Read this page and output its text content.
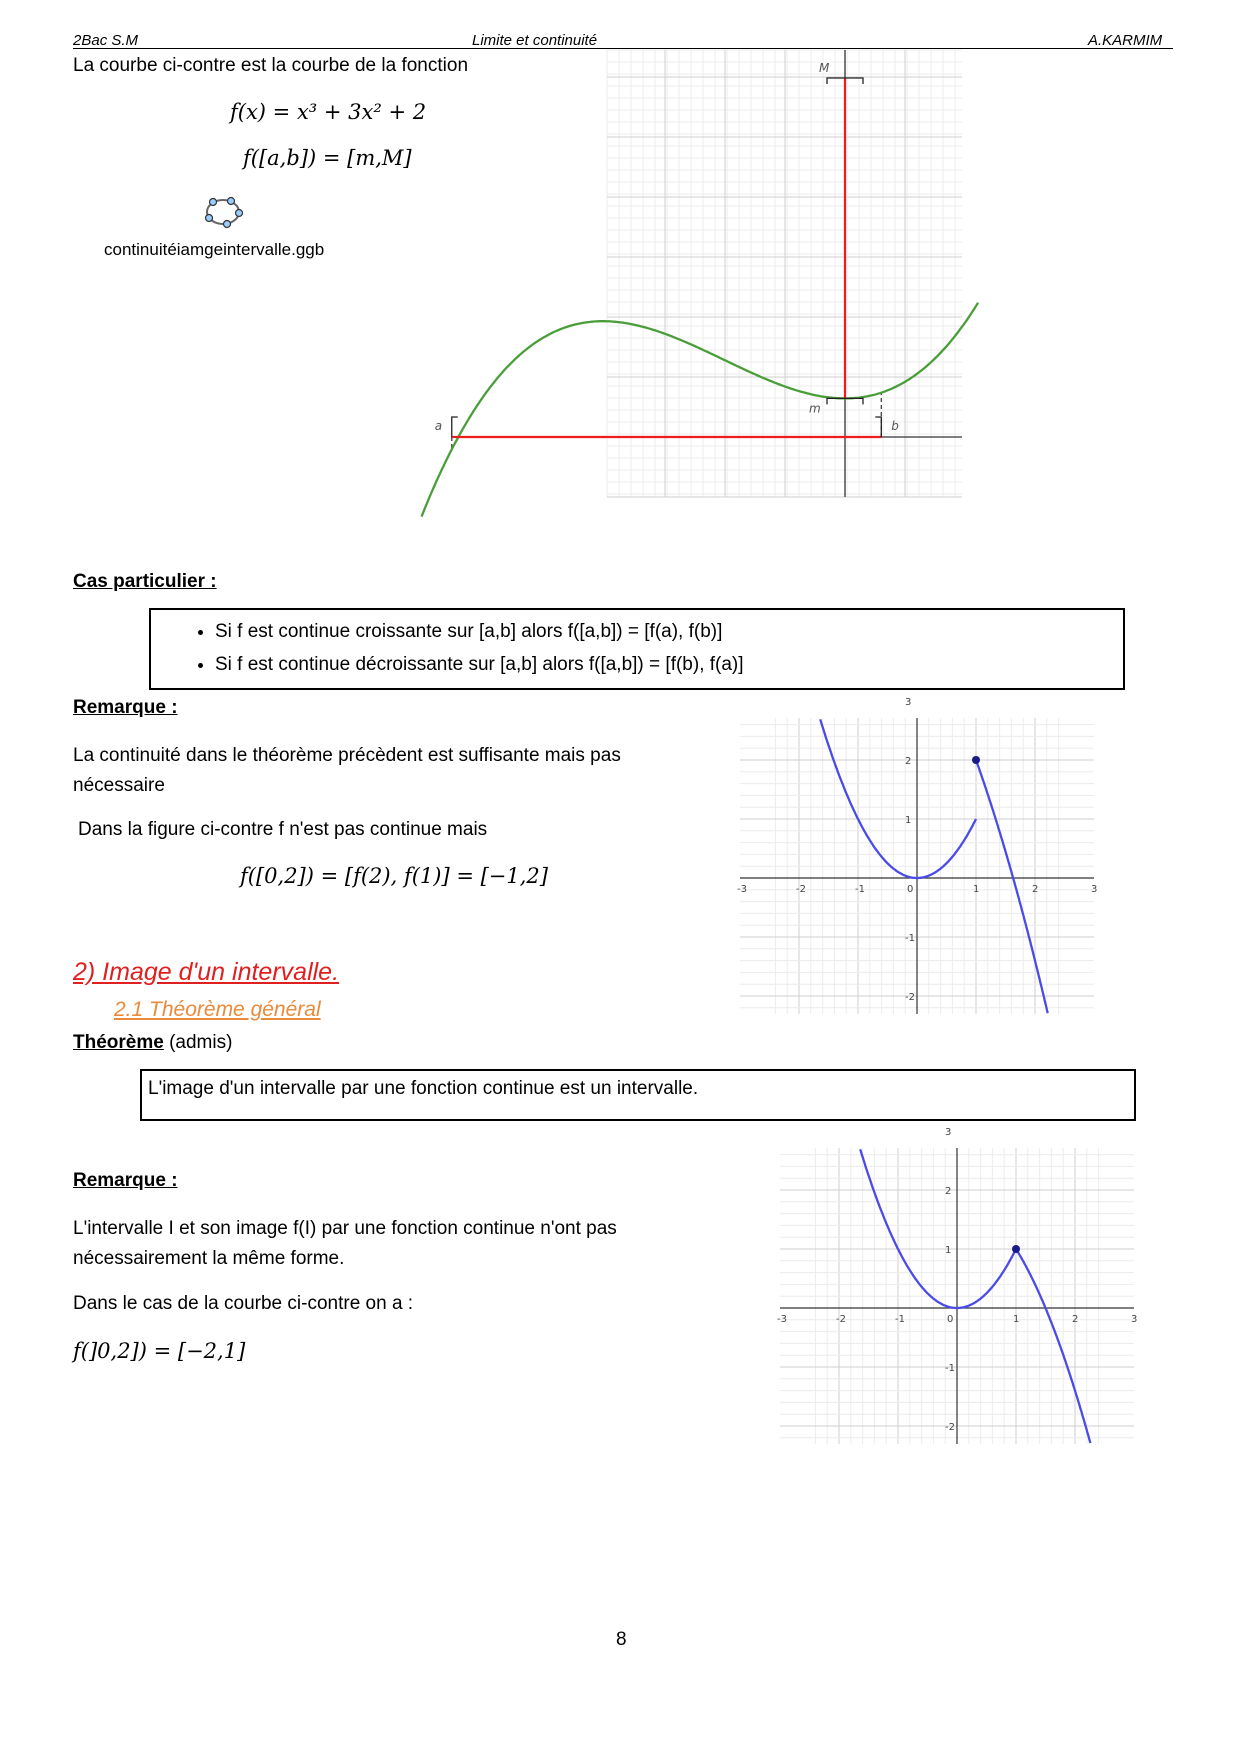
2Bac S.M	Limite et continuité	A.KARMIM
La courbe ci-contre est la courbe de la fonction
f(x) = x³ + 3x² + 2
f([a,b]) = [m,M]
continuitéiamgeintervalle.ggb
M
m
a	b
Cas particulier :
• Si f est continue croissante sur [a,b] alors f([a,b]) = [f(a), f(b)]
• Si f est continue décroissante sur [a,b] alors f([a,b]) = [f(b), f(a)]
Remarque :
La continuité dans le théorème précèdent est suffisante mais pas nécessaire
Dans la figure ci-contre f n'est pas continue mais
f([0,2]) = [f(2), f(1)] = [−1,2]
-3	-2	-1	0	1	2	3
3
2
1
-1
-2
2) Image d'un intervalle.
2.1 Théorème général
Théorème (admis)
L'image d'un intervalle par une fonction continue est un intervalle.
Remarque :
L'intervalle I et son image f(I) par une fonction continue n'ont pas nécessairement la même forme.
Dans le cas de la courbe ci-contre on a :
f(]0,2]) = [−2,1]
-3	-2	-1	0	1	2	3
3
2
1
-1
-2
8
